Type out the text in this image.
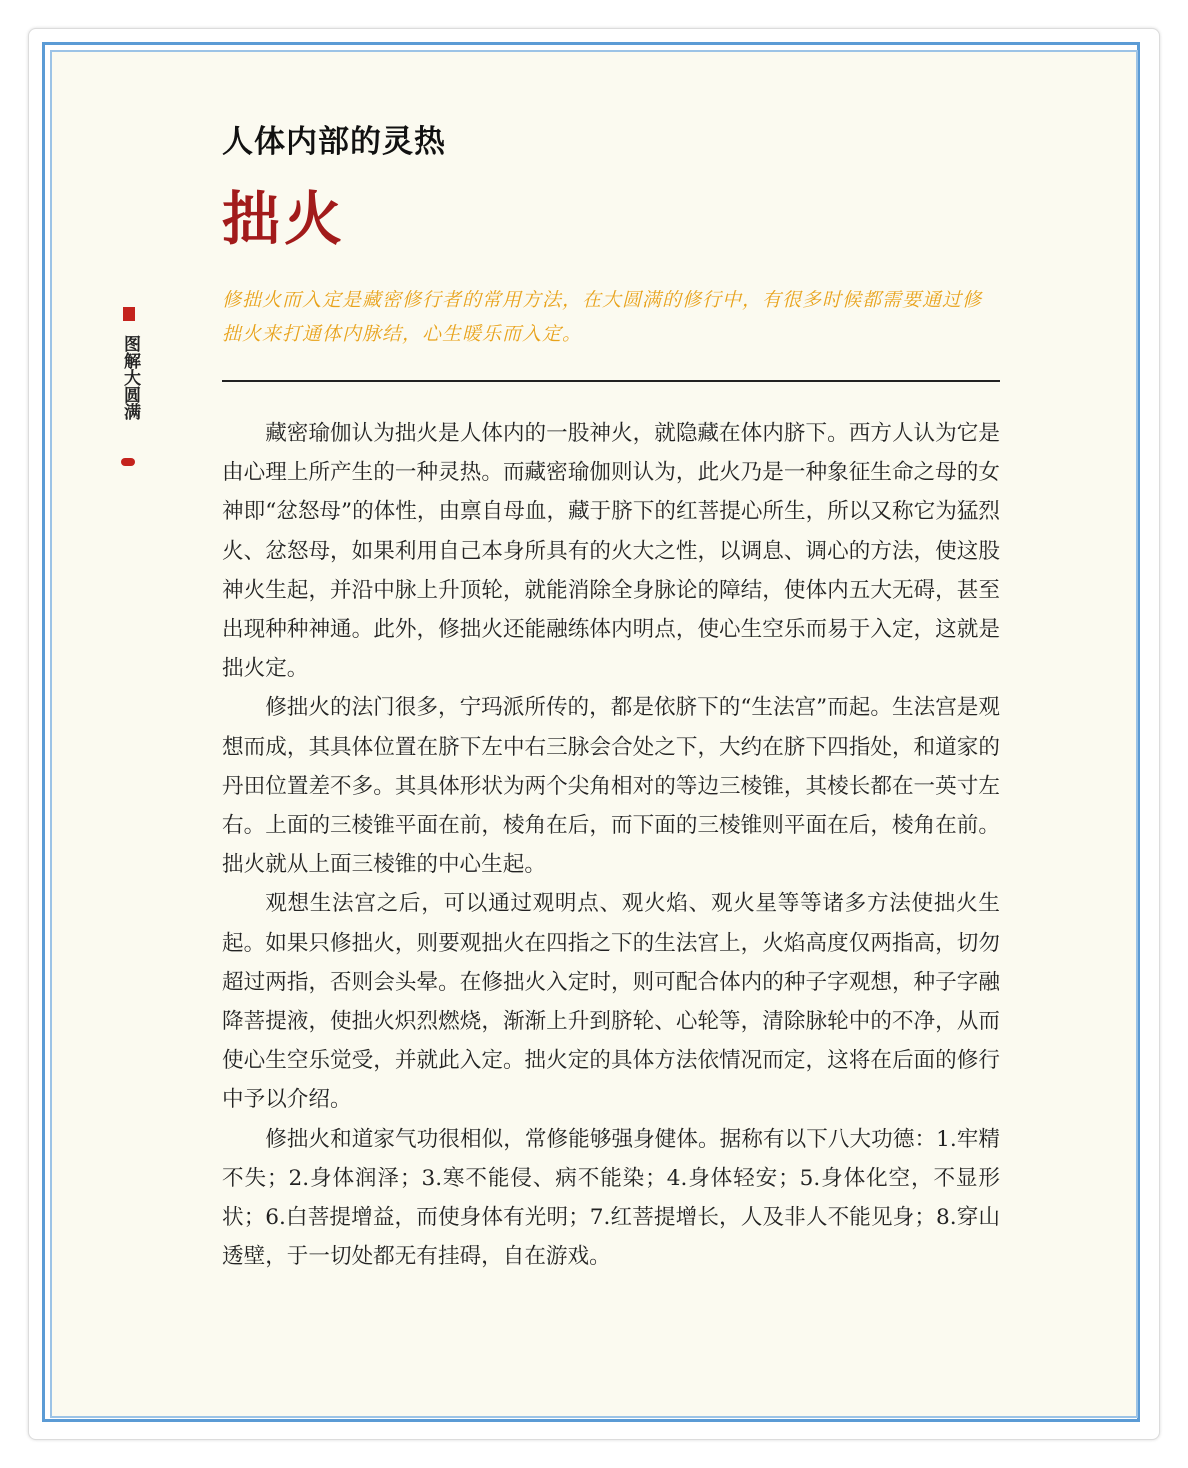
人体内部的灵热
拙火
图解大圆满
修拙火而入定是藏密修行者的常用方法，在大圆满的修行中，有很多时候都需要通过修拙火来打通体内脉结，心生暖乐而入定。

藏密瑜伽认为拙火是人体内的一股神火，就隐藏在体内脐下。西方人认为它是由心理上所产生的一种灵热。而藏密瑜伽则认为，此火乃是一种象征生命之母的女神即“忿怒母”的体性，由禀自母血，藏于脐下的红菩提心所生，所以又称它为猛烈火、忿怒母，如果利用自己本身所具有的火大之性，以调息、调心的方法，使这股神火生起，并沿中脉上升顶轮，就能消除全身脉论的障结，使体内五大无碍，甚至出现种种神通。此外，修拙火还能融练体内明点，使心生空乐而易于入定，这就是拙火定。

修拙火的法门很多，宁玛派所传的，都是依脐下的“生法宫”而起。生法宫是观想而成，其具体位置在脐下左中右三脉会合处之下，大约在脐下四指处，和道家的丹田位置差不多。其具体形状为两个尖角相对的等边三棱锥，其棱长都在一英寸左右。上面的三棱锥平面在前，棱角在后，而下面的三棱锥则平面在后，棱角在前。拙火就从上面三棱锥的中心生起。

观想生法宫之后，可以通过观明点、观火焰、观火星等等诸多方法使拙火生起。如果只修拙火，则要观拙火在四指之下的生法宫上，火焰高度仅两指高，切勿超过两指，否则会头晕。在修拙火入定时，则可配合体内的种子字观想，种子字融降菩提液，使拙火炽烈燃烧，渐渐上升到脐轮、心轮等，清除脉轮中的不净，从而使心生空乐觉受，并就此入定。拙火定的具体方法依情况而定，这将在后面的修行中予以介绍。

修拙火和道家气功很相似，常修能够强身健体。据称有以下八大功德：1.牢精不失；2.身体润泽；3.寒不能侵、病不能染；4.身体轻安；5.身体化空，不显形状；6.白菩提增益，而使身体有光明；7.红菩提增长，人及非人不能见身；8.穿山透壁，于一切处都无有挂碍，自在游戏。
